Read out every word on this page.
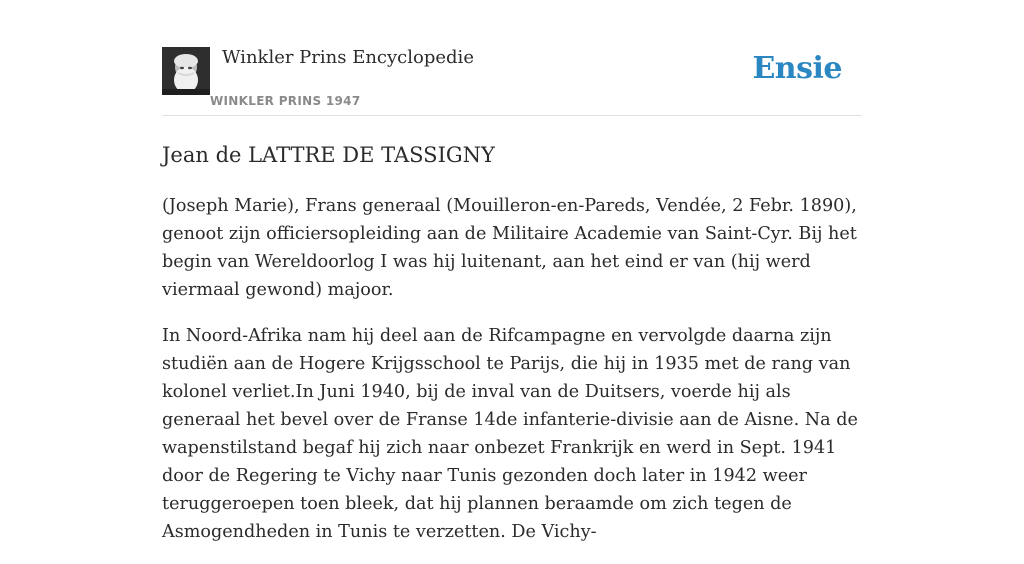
Winkler Prins Encyclopedie
WINKLER PRINS 1947
Ensie
Jean de LATTRE DE TASSIGNY

(Joseph Marie), Frans generaal (Mouilleron-en-Pareds, Vendée, 2 Febr. 1890), genoot zijn officiersopleiding aan de Militaire Academie van Saint-Cyr. Bij het begin van Wereldoorlog I was hij luitenant, aan het eind er van (hij werd viermaal gewond) majoor.

In Noord-Afrika nam hij deel aan de Rifcampagne en vervolgde daarna zijn studiën aan de Hogere Krijgsschool te Parijs, die hij in 1935 met de rang van kolonel verliet.In Juni 1940, bij de inval van de Duitsers, voerde hij als generaal het bevel over de Franse 14de infanterie-divisie aan de Aisne. Na de wapenstilstand begaf hij zich naar onbezet Frankrijk en werd in Sept. 1941 door de Regering te Vichy naar Tunis gezonden doch later in 1942 weer teruggeroepen toen bleek, dat hij plannen beraamde om zich tegen de Asmogendheden in Tunis te verzetten. De Vichy-
